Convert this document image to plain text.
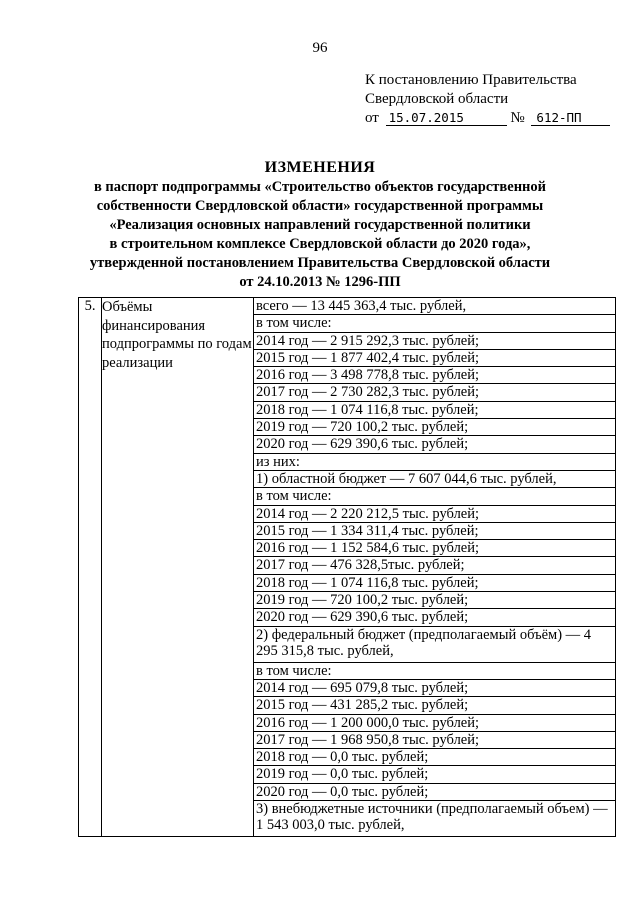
96
К постановлению Правительства
Свердловской области
от 15.07.2015	№ 612-ПП
ИЗМЕНЕНИЯ
в паспорт подпрограммы «Строительство объектов государственной
собственности Свердловской области» государственной программы
«Реализация основных направлений государственной политики
в строительном комплексе Свердловской области до 2020 года»,
утвержденной постановлением Правительства Свердловской области
от 24.10.2013 № 1296-ПП
5.	Объёмы финансирования подпрограммы по годам реализации	
всего — 13 445 363,4 тыс. рублей,
в том числе:
2014 год — 2 915 292,3 тыс. рублей;
2015 год — 1 877 402,4 тыс. рублей;
2016 год — 3 498 778,8 тыс. рублей;
2017 год — 2 730 282,3 тыс. рублей;
2018 год — 1 074 116,8 тыс. рублей;
2019 год — 720 100,2 тыс. рублей;
2020 год — 629 390,6 тыс. рублей;
из них:
1) областной бюджет — 7 607 044,6 тыс. рублей,
в том числе:
2014 год — 2 220 212,5 тыс. рублей;
2015 год — 1 334 311,4 тыс. рублей;
2016 год — 1 152 584,6 тыс. рублей;
2017 год — 476 328,5тыс. рублей;
2018 год — 1 074 116,8 тыс. рублей;
2019 год — 720 100,2 тыс. рублей;
2020 год — 629 390,6 тыс. рублей;
2) федеральный бюджет (предполагаемый объём) — 4 295 315,8 тыс. рублей,
в том числе:
2014 год — 695 079,8 тыс. рублей;
2015 год — 431 285,2 тыс. рублей;
2016 год — 1 200 000,0 тыс. рублей;
2017 год — 1 968 950,8 тыс. рублей;
2018 год — 0,0 тыс. рублей;
2019 год — 0,0 тыс. рублей;
2020 год — 0,0 тыс. рублей;
3) внебюджетные источники (предполагаемый объем) — 1 543 003,0 тыс. рублей,
